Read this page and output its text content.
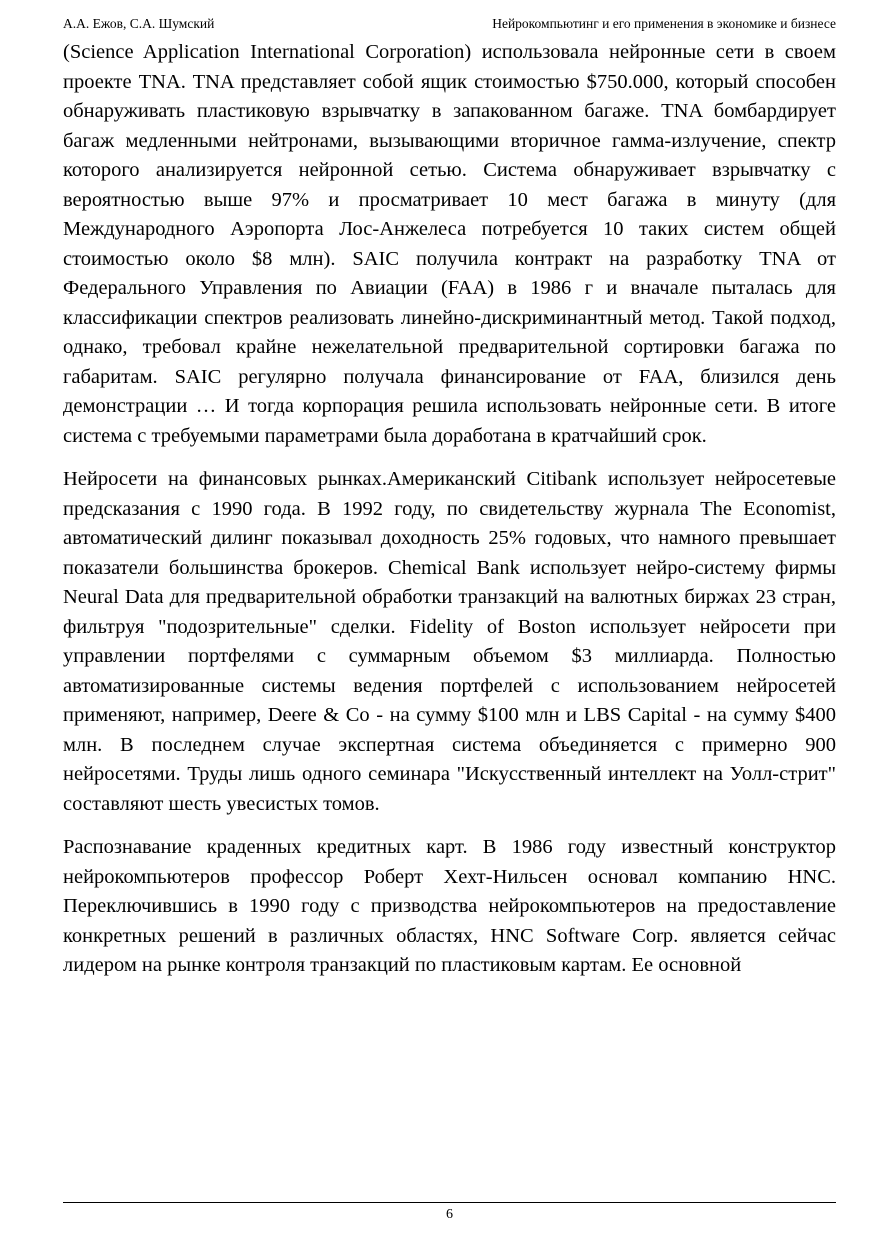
А.А. Ежов, С.А. Шумский	Нейрокомпьютинг и его применения в экономике и бизнесе

(Science Application International Corporation) использовала нейронные сети в своем проекте TNA. TNA представляет собой ящик стоимостью $750.000, который способен обнаруживать пластиковую взрывчатку в запакованном багаже. TNA бомбардирует багаж медленными нейтронами, вызывающими вторичное гамма-излучение, спектр которого анализируется нейронной сетью. Система обнаруживает взрывчатку с вероятностью выше 97% и просматривает 10 мест багажа в минуту (для Международного Аэропорта Лос-Анжелеса потребуется 10 таких систем общей стоимостью около $8 млн). SAIC получила контракт на разработку TNA от Федерального Управления по Авиации (FAA) в 1986 г и вначале пыталась для классификации спектров реализовать линейно-дискриминантный метод. Такой подход, однако, требовал крайне нежелательной предварительной сортировки багажа по габаритам. SAIC регулярно получала финансирование от FAA, близился день демонстрации … И тогда корпорация решила использовать нейронные сети. В итоге система с требуемыми параметрами была доработана в кратчайший срок.

Нейросети на финансовых рынках.Американский Citibank использует нейросетевые предсказания с 1990 года. В 1992 году, по свидетельству журнала The Economist, автоматический дилинг показывал доходность 25% годовых, что намного превышает показатели большинства брокеров. Chemical Bank использует нейро-систему фирмы Neural Data для предварительной обработки транзакций на валютных биржах 23 стран, фильтруя "подозрительные" сделки. Fidelity of Boston использует нейросети при управлении портфелями с суммарным объемом $3 миллиарда. Полностью автоматизированные системы ведения портфелей с использованием нейросетей применяют, например, Deere & Co - на сумму $100 млн и LBS Capital - на сумму $400 млн. В последнем случае экспертная система объединяется с примерно 900 нейросетями. Труды лишь одного семинара "Искусственный интеллект на Уолл-стрит" составляют шесть увесистых томов.

Распознавание краденных кредитных карт. В 1986 году известный конструктор нейрокомпьютеров профессор Роберт Хехт-Нильсен основал компанию HNC. Переключившись в 1990 году с призводства нейрокомпьютеров на предоставление конкретных решений в различных областях, HNC Software Corp. является сейчас лидером на рынке контроля транзакций по пластиковым картам. Ее основной

6
